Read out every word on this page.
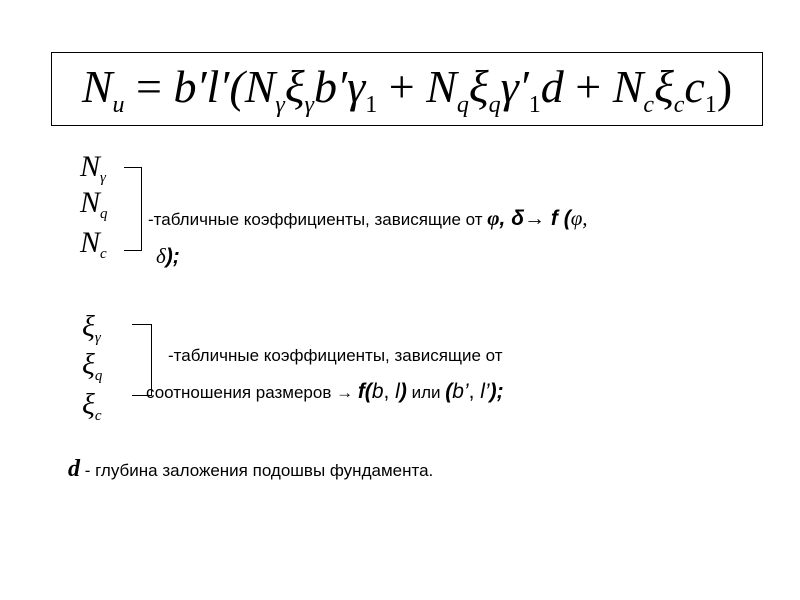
$N_u = b'l'(N_\gamma\xi_\gamma b'\gamma_1 + N_q\xi_q\gamma'_1d + N_c\xi_cc_1)$
$N_\gamma$
$N_q$
$N_c$
-табличные коэффициенты, зависящие от φ, δ→ f (φ,
δ);
$\xi_\gamma$
$\xi_q$
$\xi_c$
-табличные коэффициенты, зависящие от
соотношения размеров → f(b, l) или (b’, l’);
d - глубина заложения подошвы фундамента.
